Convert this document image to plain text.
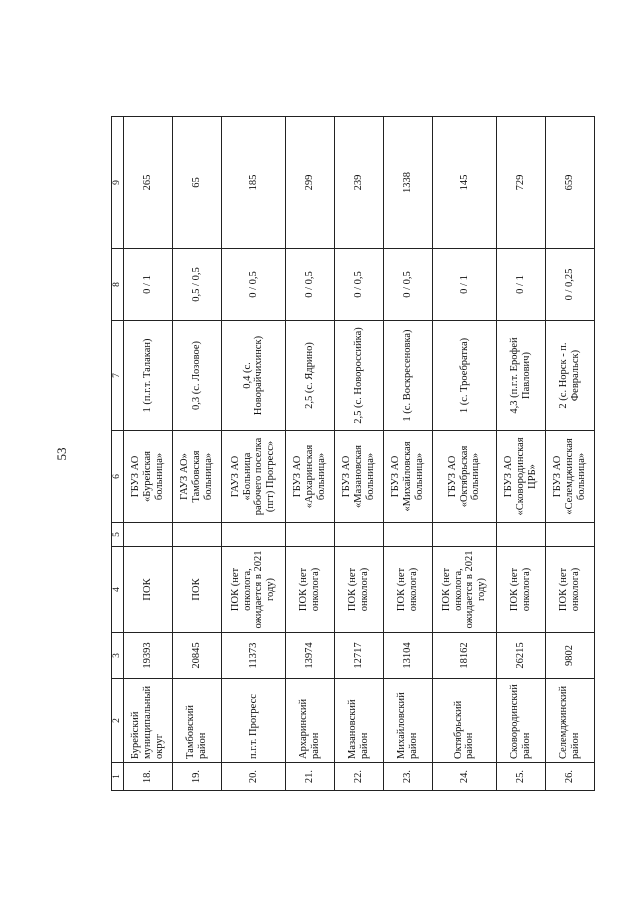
53
1	2	3	4	5	6	7	8	9
18.	Бурейский муниципальный округ	19393	ПОК		ГБУЗ АО «Бурейская больница»	1 (п.г.т. Талакан)	0 / 1	265
19.	Тамбовский район	20845	ПОК		ГАУЗ АО» Тамбовская больница»	0,3 (с. Лозовое)	0,5 / 0,5	65
20.	п.г.т. Прогресс	11373	ПОК (нет онколога, ожидается в 2021 году)		ГАУЗ АО «Больница рабочего поселка (пгт) Прогресс»	0,4 (с. Новорайчихинск)	0 / 0,5	185
21.	Архаринский район	13974	ПОК (нет онколога)		ГБУЗ АО «Архаринская больница»	2,5 (с. Ядрино)	0 / 0,5	299
22.	Мазановский район	12717	ПОК (нет онколога)		ГБУЗ АО «Мазановская больница»	2,5 (с. Новороссийка)	0 / 0,5	239
23.	Михайловский район	13104	ПОК (нет онколога)		ГБУЗ АО «Михайловская больница»	1 (с. Воскресеновка)	0 / 0,5	1338
24.	Октябрьский район	18162	ПОК (нет онколога, ожидается в 2021 году)		ГБУЗ АО «Октябрьская больница»	1 (с. Троебратка)	0 / 1	145
25.	Сковородинский район	26215	ПОК (нет онколога)		ГБУЗ АО «Сковородинская ЦРБ»	4,3 (п.г.т. Ерофей Павлович)	0 / 1	729
26.	Селемджинский район	9802	ПОК (нет онколога)		ГБУЗ АО «Селемджинская больница»	2 (с. Норск - п. Февральск)	0 / 0,25	659
